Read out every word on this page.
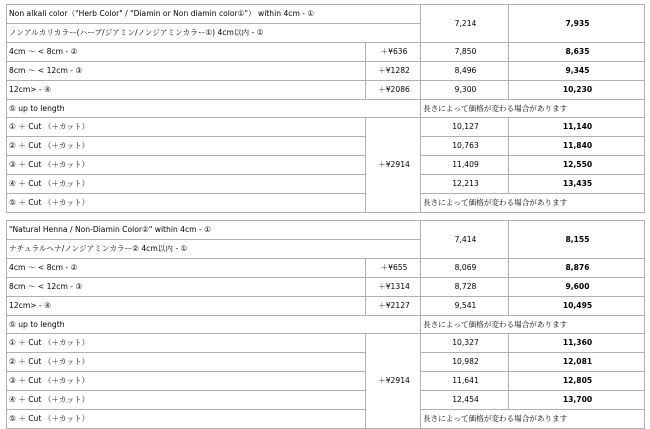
Non alkali color（"Herb Color" / "Diamin or Non diamin color①"） within 4cm - ①
ノンアルカリカラー(ハーブ/ジアミン/ノンジアミンカラー①) 4cm以内 - ①		7,214	7,935
4cm 〜 < 8cm - ②	＋¥636	7,850	8,635
8cm 〜 < 12cm - ③	＋¥1282	8,496	9,345
12cm> - ④	＋¥2086	9,300	10,230
⑤ up to length		長さによって価格が変わる場合があります	
① ＋ Cut （＋カット）	＋¥2914	10,127	11,140
② ＋ Cut （＋カット）		10,763	11,840
③ ＋ Cut （＋カット）		11,409	12,550
④ ＋ Cut （＋カット）		12,213	13,435
⑤ ＋ Cut （＋カット）		長さによって価格が変わる場合があります	
"Natural Henna / Non-Diamin Color②" within 4cm - ①
ナチュラルヘナ/ノンジアミンカラー② 4cm以内 - ①		7,414	8,155
4cm 〜 < 8cm - ②	＋¥655	8,069	8,876
8cm 〜 < 12cm - ③	＋¥1314	8,728	9,600
12cm> - ④	＋¥2127	9,541	10,495
⑤ up to length		長さによって価格が変わる場合があります	
① ＋ Cut （＋カット）	＋¥2914	10,327	11,360
② ＋ Cut （＋カット）		10,982	12,081
③ ＋ Cut （＋カット）		11,641	12,805
④ ＋ Cut （＋カット）		12,454	13,700
⑤ ＋ Cut （＋カット）		長さによって価格が変わる場合があります	
